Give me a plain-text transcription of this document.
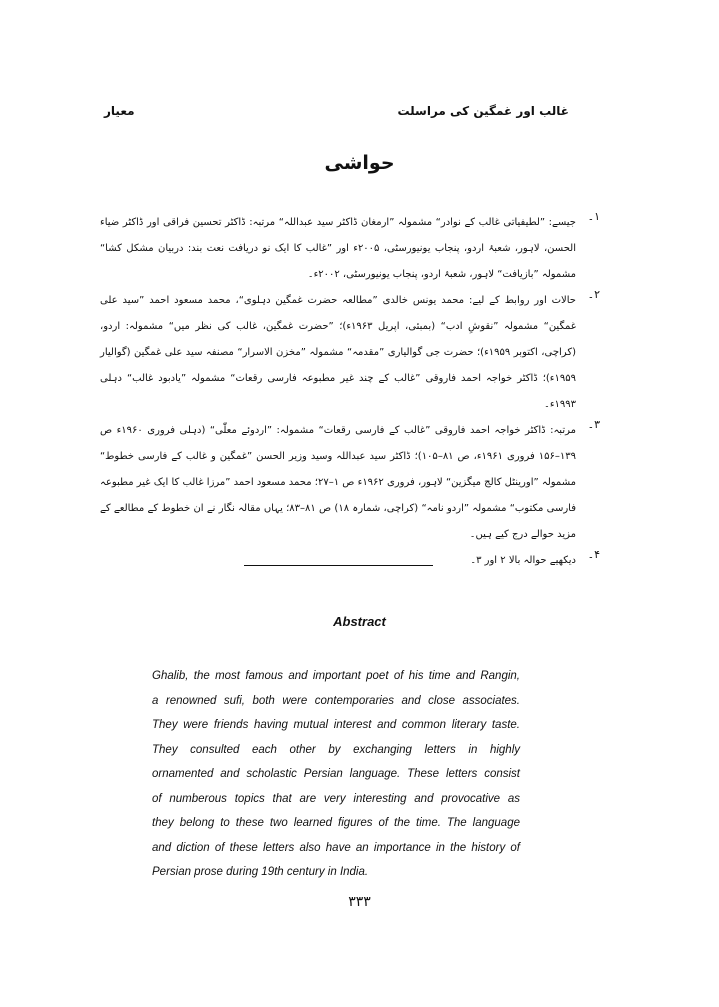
غالب اور غمگین کی مراسلت
معیار
حواشی
۱۔
جیسے: ”لطیفیاتی غالب کے نوادر“ مشمولہ ”ارمغان ڈاکٹر سید عبداللہ“ مرتبہ: ڈاکٹر تحسین فراقی اور ڈاکٹر ضیاء الحسن، لاہور، شعبۂ اردو، پنجاب یونیورسٹی، ۲۰۰۵ء اور ”غالب کا ایک نو دریافت نعت بند: دربیان مشکل کشا“ مشمولہ ”بازیافت“ لاہور، شعبۂ اردو، پنجاب یونیورسٹی، ۲۰۰۲ء۔
۲۔
حالات اور روابط کے لیے: محمد یونس خالدی ”مطالعہ حضرت غمگین دہلوی“، محمد مسعود احمد ”سید علی غمگین“ مشمولہ ”نقوشِ ادب“ (بمبئی، اپریل ۱۹۶۳ء)؛ ”حضرت غمگین، غالب کی نظر میں“ مشمولہ: اردو، (کراچی، اکتوبر ۱۹۵۹ء)؛ حضرت جی گوالیاری ”مقدمہ“ مشمولہ ”مخزن الاسرار“ مصنفہ سید علی غمگین (گوالیار ۱۹۵۹ء)؛ ڈاکٹر خواجہ احمد فاروقی ”غالب کے چند غیر مطبوعہ فارسی رقعات“ مشمولہ ”یادبود غالب“ دہلی ۱۹۹۳ء۔
۳۔
مرتبہ: ڈاکٹر خواجہ احمد فاروقی ”غالب کے فارسی رقعات“ مشمولہ: ”اردوئے معلّٰی“ (دہلی فروری ۱۹۶۰ء ص ۱۳۹–۱۵۶ فروری ۱۹۶۱ء، ص ۸۱–۱۰۵)؛ ڈاکٹر سید عبداللہ وسید وزیر الحسن ”غمگین و غالب کے فارسی خطوط“ مشمولہ ”اورینٹل کالج میگزین“ لاہور، فروری ۱۹۶۲ء ص ۱–۲۷؛ محمد مسعود احمد ”مرزا غالب کا ایک غیر مطبوعہ فارسی مکتوب“ مشمولہ ”اردو نامہ“ (کراچی، شمارہ ۱۸) ص ۸۱–۸۳؛ یہاں مقالہ نگار نے ان خطوط کے مطالعے کے مزید حوالے درج کیے ہیں۔
۴۔
دیکھیے حوالہ بالا ۲ اور ۳۔
Abstract
Ghalib, the most famous and important poet of his time and Rangin,
a renowned sufi, both were contemporaries and close associates.
They were friends having mutual interest and common literary taste.
They consulted each other by exchanging letters in highly
ornamented and scholastic Persian language. These letters consist
of numberous topics that are very interesting and provocative as
they belong to these two learned figures of the time. The language
and diction of these letters also have an importance in the history of
Persian prose during 19th century in India.
۳۳۳
